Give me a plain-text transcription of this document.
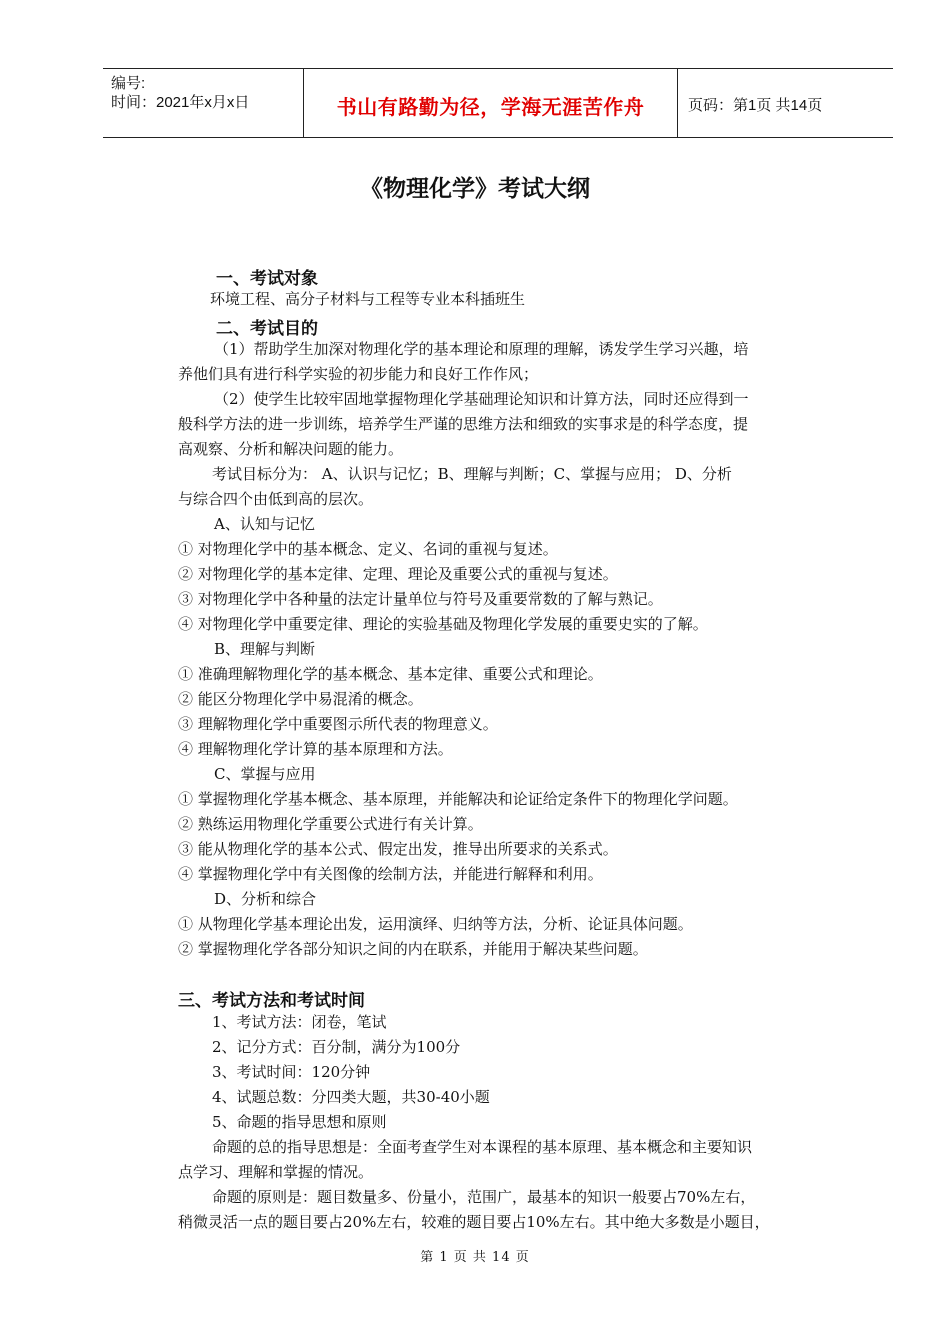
编号:
时间：2021年x月x日	书山有路勤为径，学海无涯苦作舟	页码：第1页 共14页
《物理化学》考试大纲
一、考试对象
环境工程、高分子材料与工程等专业本科插班生
二、考试目的
（1）帮助学生加深对物理化学的基本理论和原理的理解，诱发学生学习兴趣，培
养他们具有进行科学实验的初步能力和良好工作作风；
（2）使学生比较牢固地掌握物理化学基础理论知识和计算方法，同时还应得到一
般科学方法的进一步训练，培养学生严谨的思维方法和细致的实事求是的科学态度，提
高观察、分析和解决问题的能力。
考试目标分为： A、认识与记忆；B、理解与判断；C、掌握与应用； D、分析
与综合四个由低到高的层次。
A、认知与记忆
① 对物理化学中的基本概念、定义、名词的重视与复述。
② 对物理化学的基本定律、定理、理论及重要公式的重视与复述。
③ 对物理化学中各种量的法定计量单位与符号及重要常数的了解与熟记。
④ 对物理化学中重要定律、理论的实验基础及物理化学发展的重要史实的了解。
B、理解与判断
① 准确理解物理化学的基本概念、基本定律、重要公式和理论。
② 能区分物理化学中易混淆的概念。
③ 理解物理化学中重要图示所代表的物理意义。
④ 理解物理化学计算的基本原理和方法。
C、掌握与应用
① 掌握物理化学基本概念、基本原理，并能解决和论证给定条件下的物理化学问题。
② 熟练运用物理化学重要公式进行有关计算。
③ 能从物理化学的基本公式、假定出发，推导出所要求的关系式。
④ 掌握物理化学中有关图像的绘制方法，并能进行解释和利用。
D、分析和综合
① 从物理化学基本理论出发，运用演绎、归纳等方法，分析、论证具体问题。
② 掌握物理化学各部分知识之间的内在联系，并能用于解决某些问题。
三、考试方法和考试时间
1、考试方法：闭卷，笔试
2、记分方式：百分制，满分为100分
3、考试时间：120分钟
4、试题总数：分四类大题，共30-40小题
5、命题的指导思想和原则
命题的总的指导思想是：全面考查学生对本课程的基本原理、基本概念和主要知识
点学习、理解和掌握的情况。
命题的原则是：题目数量多、份量小，范围广，最基本的知识一般要占70%左右，
稍微灵活一点的题目要占20%左右，较难的题目要占10%左右。其中绝大多数是小题目，
第 1 页 共 14 页
